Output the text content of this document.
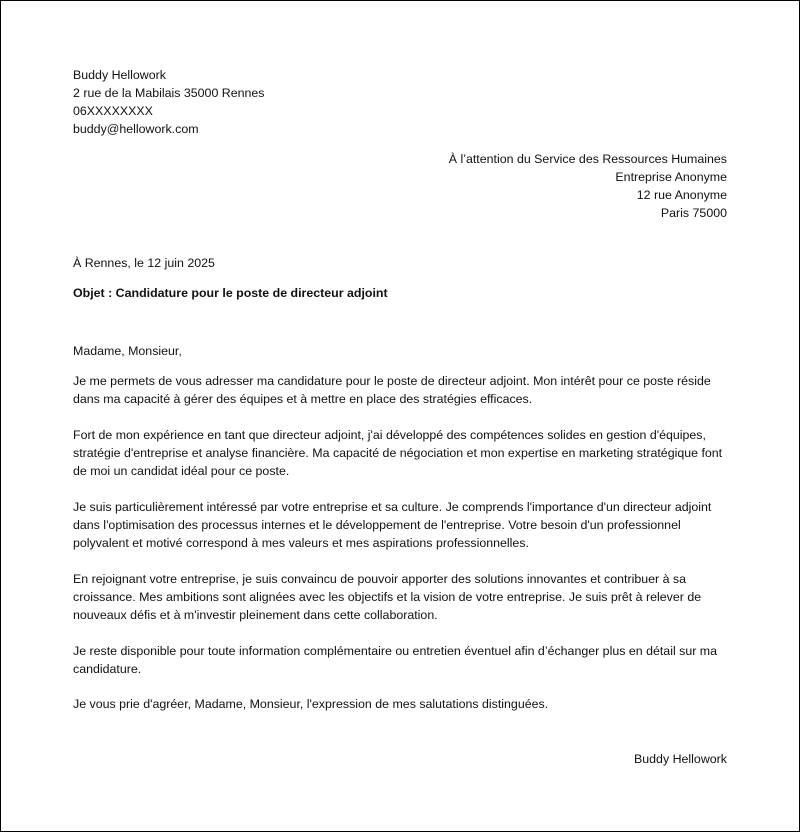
Buddy Hellowork
2 rue de la Mabilais 35000 Rennes
06XXXXXXXX
buddy@hellowork.com
À l’attention du Service des Ressources Humaines
Entreprise Anonyme
12 rue Anonyme
Paris 75000
À Rennes, le 12 juin 2025
Objet : Candidature pour le poste de directeur adjoint
Madame, Monsieur,

Je me permets de vous adresser ma candidature pour le poste de directeur adjoint. Mon intérêt pour ce poste réside dans ma capacité à gérer des équipes et à mettre en place des stratégies efficaces.

Fort de mon expérience en tant que directeur adjoint, j'ai développé des compétences solides en gestion d'équipes, stratégie d'entreprise et analyse financière. Ma capacité de négociation et mon expertise en marketing stratégique font de moi un candidat idéal pour ce poste.

Je suis particulièrement intéressé par votre entreprise et sa culture. Je comprends l'importance d'un directeur adjoint dans l'optimisation des processus internes et le développement de l'entreprise. Votre besoin d'un professionnel polyvalent et motivé correspond à mes valeurs et mes aspirations professionnelles.

En rejoignant votre entreprise, je suis convaincu de pouvoir apporter des solutions innovantes et contribuer à sa croissance. Mes ambitions sont alignées avec les objectifs et la vision de votre entreprise. Je suis prêt à relever de nouveaux défis et à m'investir pleinement dans cette collaboration.

Je reste disponible pour toute information complémentaire ou entretien éventuel afin d’échanger plus en détail sur ma candidature.

Je vous prie d'agréer, Madame, Monsieur, l'expression de mes salutations distinguées.
Buddy Hellowork
